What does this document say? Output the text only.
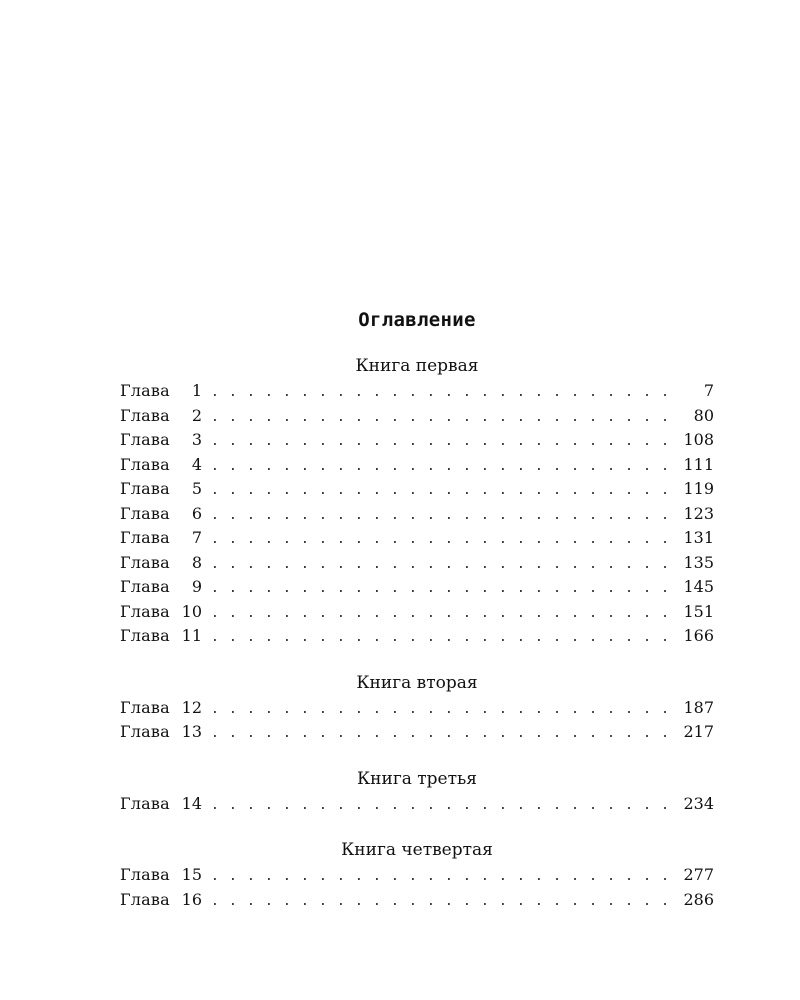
Оглавление
Книга первая
Глава	1 . . .	7
Глава	2 . . .	80
Глава	3 . . .	108
Глава	4 . . .	111
Глава	5 . . .	119
Глава	6 . . .	123
Глава	7 . . .	131
Глава	8 . . .	135
Глава	9 . . .	145
Глава 10 . . .	151
Глава 11 . . .	166
Книга вторая
Глава 12 . . .	187
Глава 13 . . .	217
Книга третья
Глава 14 . . .	234
Книга четвертая
Глава 15 . . .	277
Глава 16 . . .	286
